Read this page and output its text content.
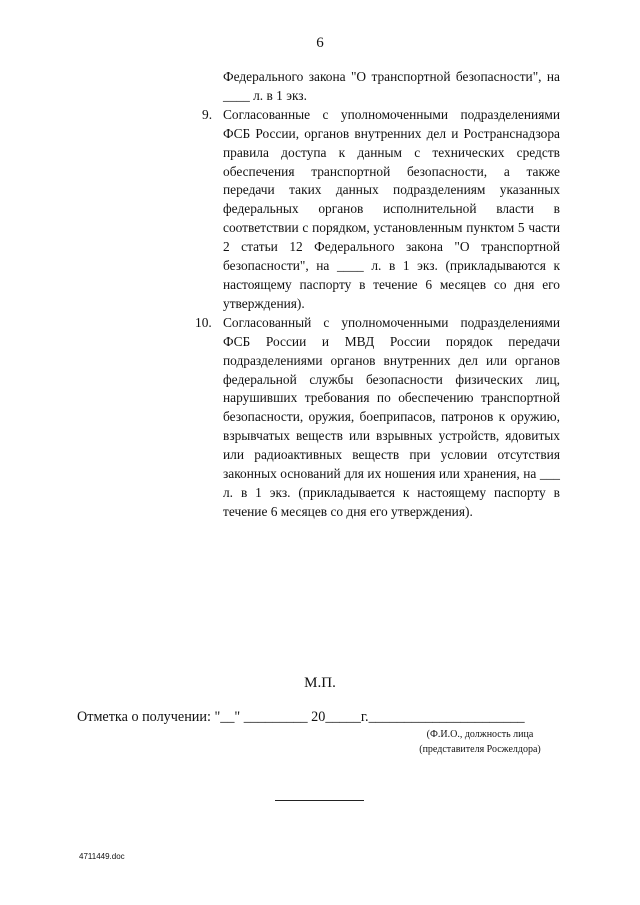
6

Федерального закона "О транспортной безопасности", на ____ л. в 1 экз.

9. Согласованные с уполномоченными подразделениями ФСБ России, органов внутренних дел и Ространснадзора правила доступа к данным с технических средств обеспечения транспортной безопасности, а также передачи таких данных подразделениям указанных федеральных органов исполнительной власти в соответствии с порядком, установленным пунктом 5 части 2 статьи 12 Федерального закона "О транспортной безопасности", на ____ л. в 1 экз. (прикладываются к настоящему паспорту в течение 6 месяцев со дня его утверждения).
10. Согласованный с уполномоченными подразделениями ФСБ России и МВД России порядок передачи подразделениями органов внутренних дел или органов федеральной службы безопасности физических лиц, нарушивших требования по обеспечению транспортной безопасности, оружия, боеприпасов, патронов к оружию, взрывчатых веществ или взрывных устройств, ядовитых или радиоактивных веществ при условии отсутствия законных оснований для их ношения или хранения, на ___ л. в 1 экз. (прикладывается к настоящему паспорту в течение 6 месяцев со дня его утверждения).
М.П.
Отметка о получении: "__" _________ 20_____г.______________________
(Ф.И.О., должность лица
(представителя Росжелдора)
4711449.doc
